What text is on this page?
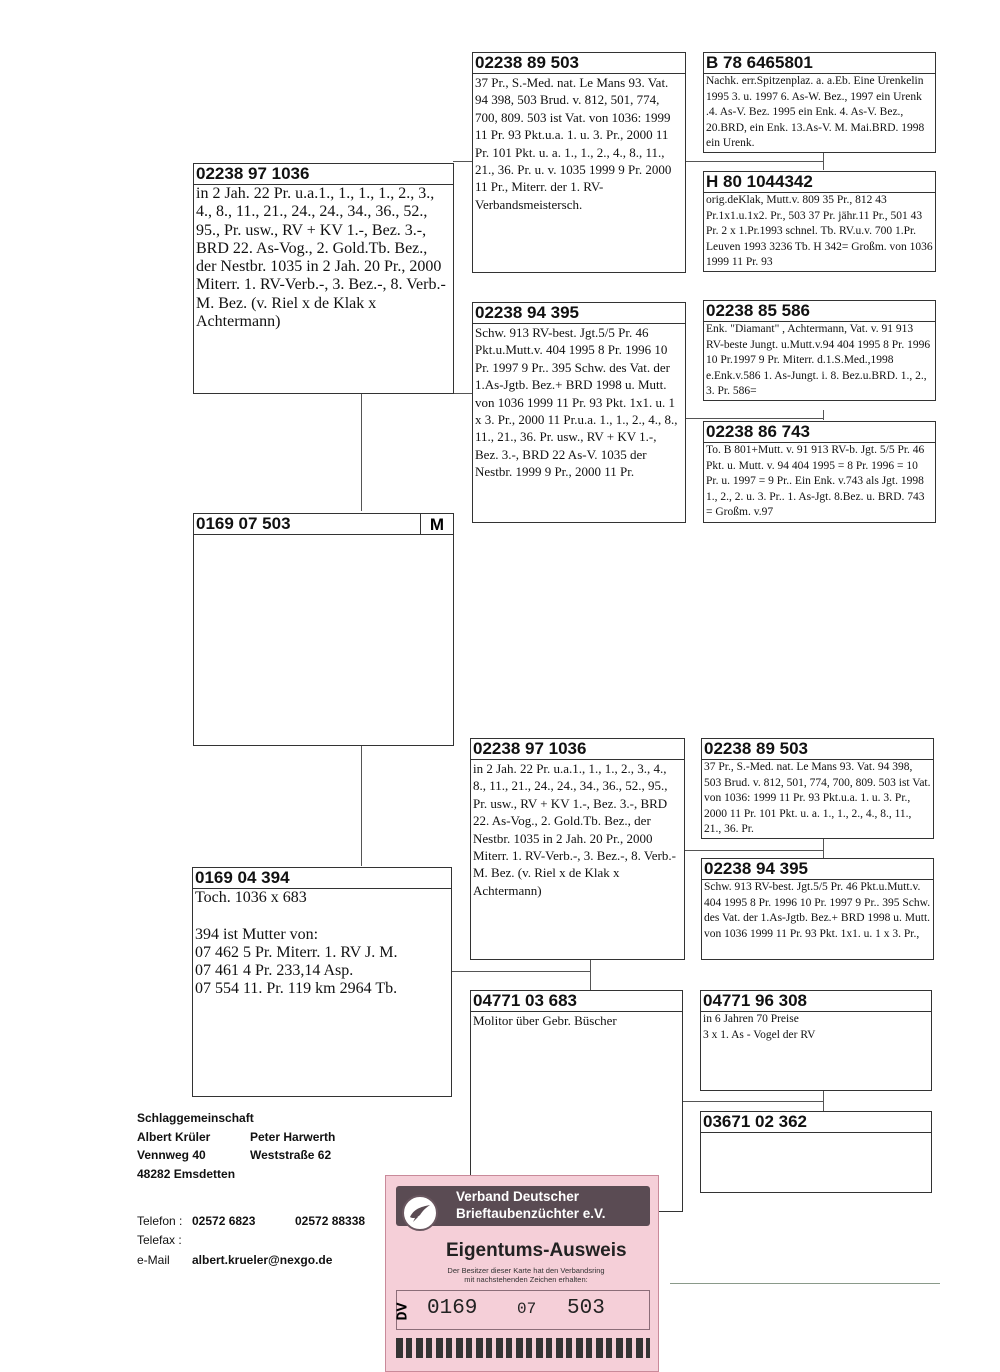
02238 97 1036
in 2 Jah. 22 Pr. u.a.1., 1., 1., 1., 2., 3., 4., 8., 11., 21., 24., 24., 34., 36., 52., 95., Pr. usw., RV + KV 1.-, Bez. 3.-, BRD 22. As-Vog., 2. Gold.Tb. Bez., der Nestbr. 1035 in 2 Jah. 20 Pr., 2000 Miterr. 1. RV-Verb.-, 3. Bez.-, 8. Verb.-M. Bez. (v. Riel x de Klak x Achtermann)
02238 89 503
37 Pr., S.-Med. nat. Le Mans 93. Vat. 94 398, 503 Brud. v. 812, 501, 774, 700, 809. 503 ist Vat. von 1036: 1999 11 Pr. 93 Pkt.u.a. 1. u. 3. Pr., 2000 11 Pr. 101 Pkt. u. a. 1., 1., 2., 4., 8., 11., 21., 36. Pr. u. v. 1035 1999 9 Pr. 2000 11 Pr., Miterr. der 1. RV-Verbandsmeistersch.
B 78 6465801
Nachk. err.Spitzenplaz. a. a.Eb. Eine Urenkelin 1995 3. u. 1997 6. As-W. Bez., 1997 ein Urenk .4. As-V. Bez. 1995 ein Enk. 4. As-V. Bez., 20.BRD, ein Enk. 13.As-V. M. Mai.BRD. 1998 ein Urenk.
H 80 1044342
orig.deKlak, Mutt.v. 809 35 Pr., 812 43 Pr.1x1.u.1x2. Pr., 503 37 Pr. jähr.11 Pr., 501 43 Pr. 2 x 1.Pr.1993 schnel. Tb. RV.u.v. 700 1.Pr. Leuven 1993 3236 Tb. H 342= Großm. von 1036 1999 11 Pr. 93
02238 94 395
Schw. 913 RV-best. Jgt.5/5 Pr. 46 Pkt.u.Mutt.v. 404 1995 8 Pr. 1996 10 Pr. 1997 9 Pr.. 395 Schw. des Vat. der 1.As-Jgtb. Bez.+ BRD 1998 u. Mutt. von 1036 1999 11 Pr. 93 Pkt. 1x1. u. 1 x 3. Pr., 2000 11 Pr.u.a. 1., 1., 2., 4., 8., 11., 21., 36. Pr. usw., RV + KV 1.-, Bez. 3.-, BRD 22 As-V. 1035 der Nestbr. 1999 9 Pr., 2000 11 Pr.
02238 85 586
Enk. "Diamant" , Achtermann, Vat. v. 91 913 RV-beste Jungt. u.Mutt.v.94 404 1995 8 Pr. 1996 10 Pr.1997 9 Pr. Miterr. d.1.S.Med.,1998 e.Enk.v.586 1. As-Jungt. i. 8. Bez.u.BRD. 1., 2., 3. Pr. 586=
02238 86 743
To. B 801+Mutt. v. 91 913 RV-b. Jgt. 5/5 Pr. 46 Pkt. u. Mutt. v. 94 404 1995 = 8 Pr. 1996 = 10 Pr. u. 1997 = 9 Pr.. Ein Enk. v.743 als Jgt. 1998 1., 2., 2. u. 3. Pr.. 1. As-Jgt. 8.Bez. u. BRD. 743 = Großm. v.97
0169 07 503	M
0169 04 394
Toch. 1036 x 683

394 ist Mutter von:
07 462 5 Pr. Miterr. 1. RV J. M.
07 461 4 Pr. 233,14 Asp.
07 554 11. Pr. 119 km 2964 Tb.
02238 97 1036
in 2 Jah. 22 Pr. u.a.1., 1., 1., 2., 3., 4., 8., 11., 21., 24., 24., 34., 36., 52., 95., Pr. usw., RV + KV 1.-, Bez. 3.-, BRD 22. As-Vog., 2. Gold.Tb. Bez., der Nestbr. 1035 in 2 Jah. 20 Pr., 2000 Miterr. 1. RV-Verb.-, 3. Bez.-, 8. Verb.-M. Bez. (v. Riel x de Klak x Achtermann)
02238 89 503
37 Pr., S.-Med. nat. Le Mans 93. Vat. 94 398, 503 Brud. v. 812, 501, 774, 700, 809. 503 ist Vat. von 1036: 1999 11 Pr. 93 Pkt.u.a. 1. u. 3. Pr., 2000 11 Pr. 101 Pkt. u. a. 1., 1., 2., 4., 8., 11., 21., 36. Pr.
02238 94 395
Schw. 913 RV-best. Jgt.5/5 Pr. 46 Pkt.u.Mutt.v. 404 1995 8 Pr. 1996 10 Pr. 1997 9 Pr.. 395 Schw. des Vat. der 1.As-Jgtb. Bez.+ BRD 1998 u. Mutt. von 1036 1999 11 Pr. 93 Pkt. 1x1. u. 1 x 3. Pr.,
04771 03 683
Molitor über Gebr. Büscher
04771 96 308
in 6 Jahren 70 Preise
3 x 1. As - Vogel der RV
03671 02 362
Schlaggemeinschaft
Albert Krüler	Peter Harwerth
Vennweg 40	Weststraße 62
48282 Emsdetten
Telefon : 02572 6823	02572 88338
Telefax :
e-Mail albert.krueler@nexgo.de
Verband Deutscher
Brieftaubenzüchter e.V.
Eigentums-Ausweis
Der Besitzer dieser Karte hat den Verbandsring
mit nachstehenden Zeichen erhalten:
DV 0169 07 503
